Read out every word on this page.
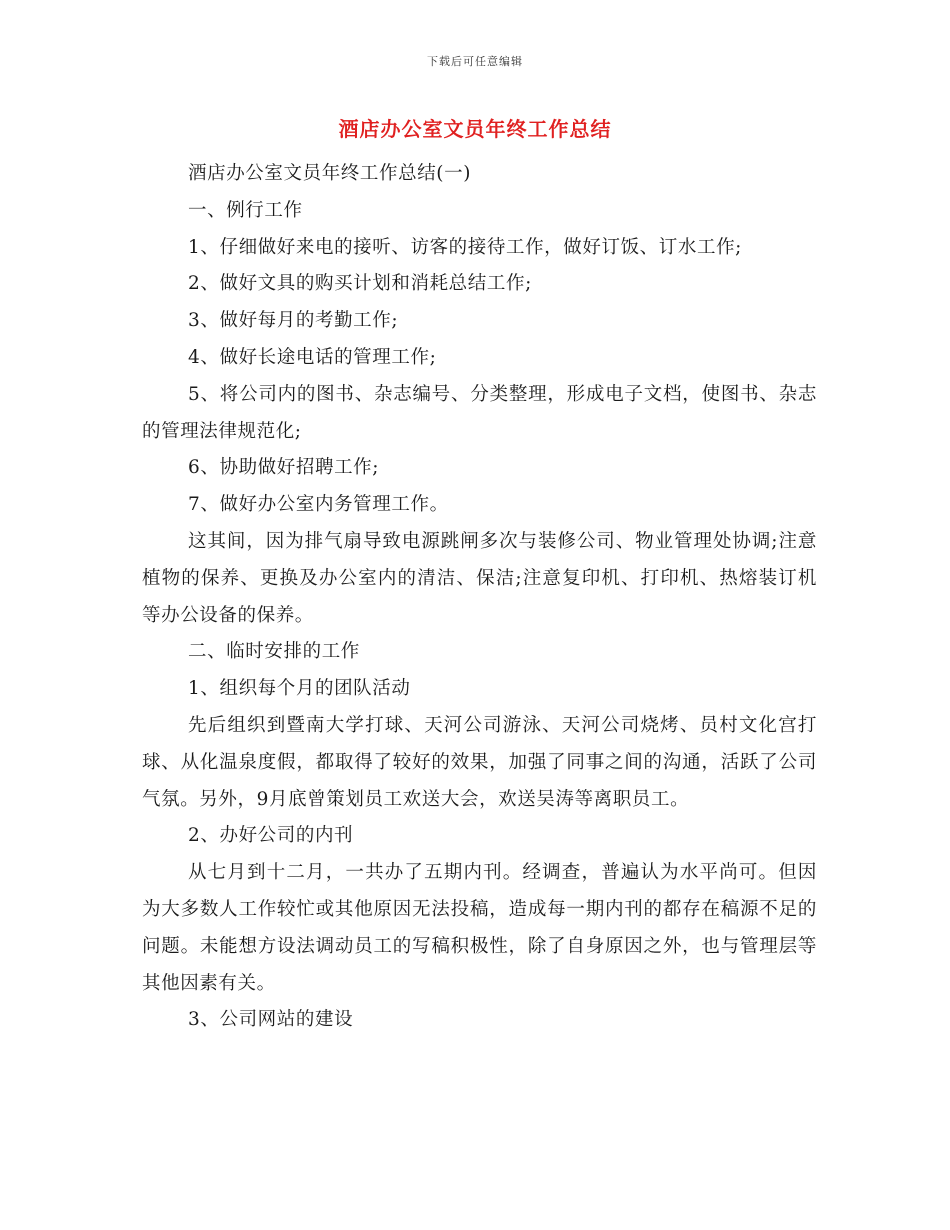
下载后可任意编辑
酒店办公室文员年终工作总结

酒店办公室文员年终工作总结(一)

一、例行工作

1、仔细做好来电的接听、访客的接待工作，做好订饭、订水工作;

2、做好文具的购买计划和消耗总结工作;

3、做好每月的考勤工作;

4、做好长途电话的管理工作;

5、将公司内的图书、杂志编号、分类整理，形成电子文档，使图书、杂志的管理法律规范化;

6、协助做好招聘工作;

7、做好办公室内务管理工作。

这其间，因为排气扇导致电源跳闸多次与装修公司、物业管理处协调;注意植物的保养、更换及办公室内的清洁、保洁;注意复印机、打印机、热熔装订机等办公设备的保养。

二、临时安排的工作

1、组织每个月的团队活动

先后组织到暨南大学打球、天河公司游泳、天河公司烧烤、员村文化宫打球、从化温泉度假，都取得了较好的效果，加强了同事之间的沟通，活跃了公司气氛。另外，9月底曾策划员工欢送大会，欢送吴涛等离职员工。

2、办好公司的内刊

从七月到十二月，一共办了五期内刊。经调查，普遍认为水平尚可。但因为大多数人工作较忙或其他原因无法投稿，造成每一期内刊的都存在稿源不足的问题。未能想方设法调动员工的写稿积极性，除了自身原因之外，也与管理层等其他因素有关。

3、公司网站的建设
